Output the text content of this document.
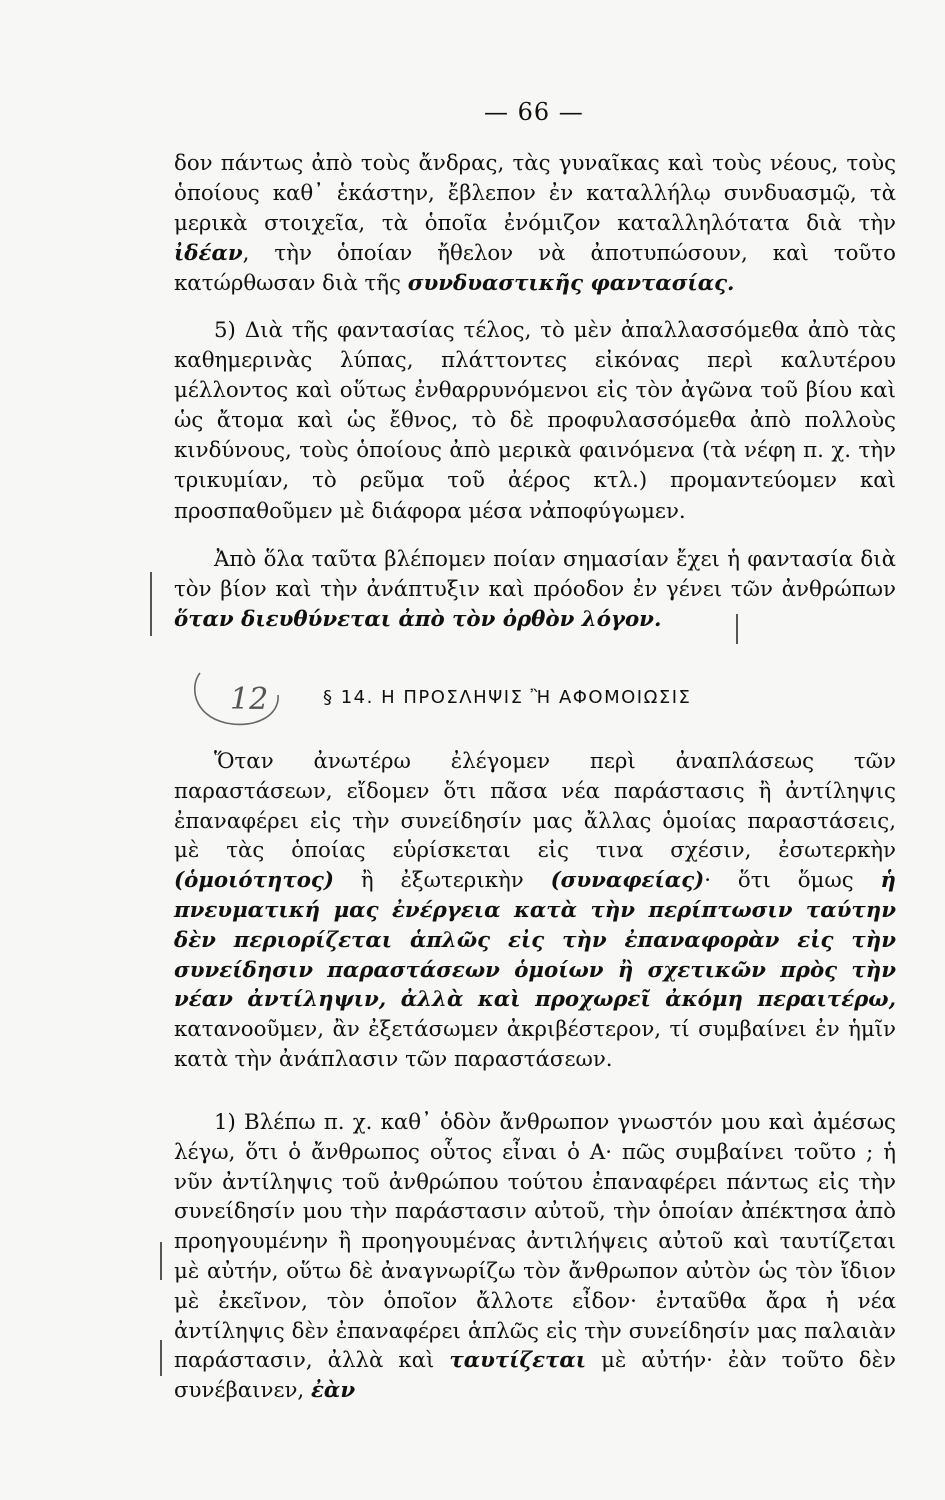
— 66 —

δον πάντως ἀπὸ τοὺς ἄνδρας, τὰς γυναῖκας καὶ τοὺς νέους, τοὺς ὁποίους καθ᾽ ἑκάστην, ἔβλεπον ἐν καταλλήλῳ συνδυασμῷ, τὰ μερικὰ στοιχεῖα, τὰ ὁποῖα ἐνόμιζον καταλληλότατα διὰ τὴν ἰδέαν, τὴν ὁποίαν ἤθελον νὰ ἀποτυπώσουν, καὶ τοῦτο κατώρθωσαν διὰ τῆς συνδυαστικῆς φαντασίας.

5) Διὰ τῆς φαντασίας τέλος, τὸ μὲν ἀπαλλασσόμεθα ἀπὸ τὰς καθημερινὰς λύπας, πλάττοντες εἰκόνας περὶ καλυτέρου μέλλοντος καὶ οὕτως ἐνθαρρυνόμενοι εἰς τὸν ἀγῶνα τοῦ βίου καὶ ὡς ἄτομα καὶ ὡς ἔθνος, τὸ δὲ προφυλασσόμεθα ἀπὸ πολλοὺς κινδύνους, τοὺς ὁποίους ἀπὸ μερικὰ φαινόμενα (τὰ νέφη π. χ. τὴν τρικυμίαν, τὸ ρεῦμα τοῦ ἀέρος κτλ.) προμαντεύομεν καὶ προσπαθοῦμεν μὲ διάφορα μέσα νἀποφύγωμεν.

Ἀπὸ ὅλα ταῦτα βλέπομεν ποίαν σημασίαν ἔχει ἡ φαντασία διὰ τὸν βίον καὶ τὴν ἀνάπτυξιν καὶ πρόοδον ἐν γένει τῶν ἀνθρώπων ὅταν διευθύνεται ἀπὸ τὸν ὀρθὸν λόγον.

12	§ 14. Η ΠΡΟΣΛΗΨΙΣ Ἢ ΑΦΟΜΟΙΩΣΙΣ

Ὅταν ἀνωτέρω ἐλέγομεν περὶ ἀναπλάσεως τῶν παραστάσεων, εἴδομεν ὅτι πᾶσα νέα παράστασις ἢ ἀντίληψις ἐπαναφέρει εἰς τὴν συνείδησίν μας ἄλλας ὁμοίας παραστάσεις, μὲ τὰς ὁποίας εὑρίσκεται εἰς τινα σχέσιν, ἐσωτερκὴν (ὁμοιότητος) ἢ ἐξωτερικὴν (συναφείας)· ὅτι ὅμως ἡ πνευματική μας ἐνέργεια κατὰ τὴν περίπτωσιν ταύτην δὲν περιορίζεται ἁπλῶς εἰς τὴν ἐπαναφορὰν εἰς τὴν συνείδησιν παραστάσεων ὁμοίων ἢ σχετικῶν πρὸς τὴν νέαν ἀντίληψιν, ἀλλὰ καὶ προχωρεῖ ἀκόμη περαιτέρω, κατανοοῦμεν, ἂν ἐξετάσωμεν ἀκριβέστερον, τί συμβαίνει ἐν ἡμῖν κατὰ τὴν ἀνάπλασιν τῶν παραστάσεων.

1) Βλέπω π. χ. καθ᾽ ὁδὸν ἄνθρωπον γνωστόν μου καὶ ἀμέσως λέγω, ὅτι ὁ ἄνθρωπος οὗτος εἶναι ὁ Α· πῶς συμβαίνει τοῦτο ; ἡ νῦν ἀντίληψις τοῦ ἀνθρώπου τούτου ἐπαναφέρει πάντως εἰς τὴν συνείδησίν μου τὴν παράστασιν αὐτοῦ, τὴν ὁποίαν ἀπέκτησα ἀπὸ προηγουμένην ἢ προηγουμένας ἀντιλήψεις αὐτοῦ καὶ ταυτίζεται μὲ αὐτήν, οὕτω δὲ ἀναγνωρίζω τὸν ἄνθρωπον αὐτὸν ὡς τὸν ἴδιον μὲ ἐκεῖνον, τὸν ὁποῖον ἄλλοτε εἶδον· ἐνταῦθα ἄρα ἡ νέα ἀντίληψις δὲν ἐπαναφέρει ἁπλῶς εἰς τὴν συνείδησίν μας παλαιὰν παράστασιν, ἀλλὰ καὶ ταυτίζεται μὲ αὐτήν· ἐὰν τοῦτο δὲν συνέβαινεν, ἐὰν
